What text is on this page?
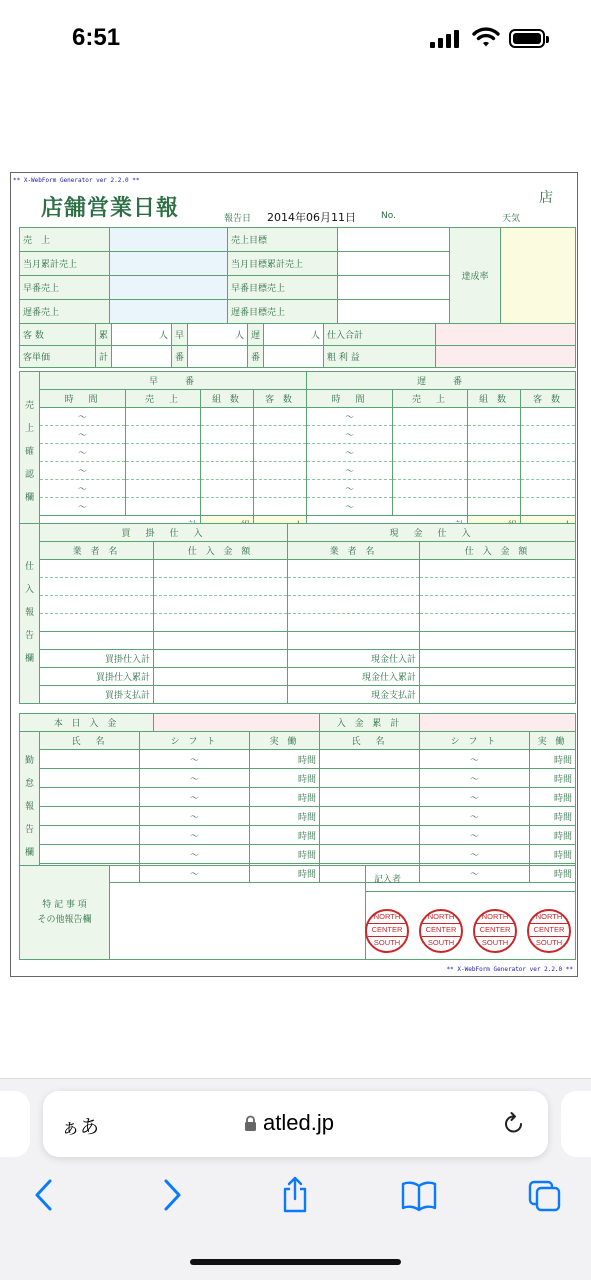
6:51
** X-WebForm Generator ver 2.2.0 **
店舗営業日報	報告日 2014年06月11日	No.
店
天気
売　上		売上目標		達成率	
当月累計売上		当月目標累計売上			
早番売上		早番目標売上			
遅番売上		遅番目標売上			
客 数	累	人	早	人	遅	人	仕入合計	
客単価	計		番		番		粗 利 益	
売
上
確
認
欄	早　　番				遅　　番			
	時　間	売　上	組 数	客 数	時　間	売　上	組 数	客 数
	〜				〜			
	〜				〜			
	〜				〜			
	〜				〜			
	〜				〜			
	〜				〜			

仕
入
報
告
欄	買　掛　仕　入		現　金　仕　入	
	業 者 名	仕 入 金 額	業 者 名	仕 入 金 額

	買掛仕入計		現金仕入計	
	買掛仕入累計		現金仕入累計	
	買掛支払計		現金支払計	
本 日 入 金		入 金 累 計	
勤
怠
報
告
欄	氏　名	シ フ ト	実 働	氏　名	シ フ ト	実 働
		〜	時間		〜	時間
		〜	時間		〜	時間
		〜	時間		〜	時間
		〜	時間		〜	時間
		〜	時間		〜	時間
		〜	時間		〜	時間
		〜	時間		〜	時間
特 記 事 項
その他報告欄

記入者
NORTH
CENTER
SOUTH
NORTH
CENTER
SOUTH
NORTH
CENTER
SOUTH
NORTH
CENTER
SOUTH
** X-WebForm Generator ver 2.2.0 **
ぁあ	atled.jp
